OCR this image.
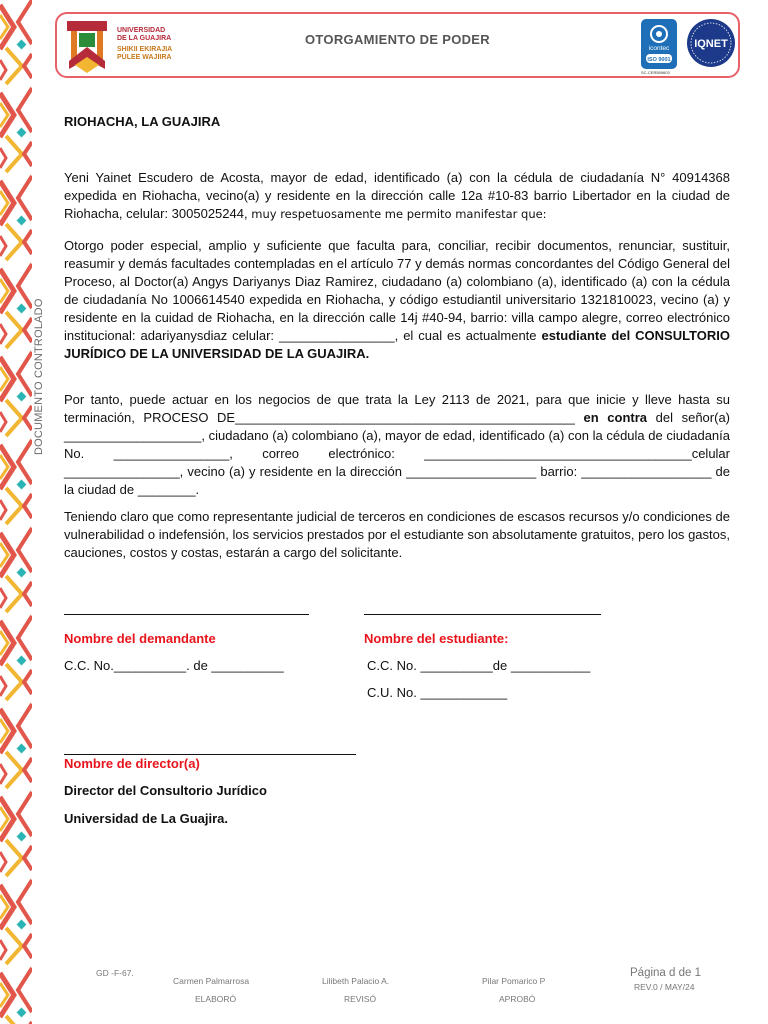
DOCUMENTO CONTROLADO
UNIVERSIDAD
DE LA GUAJIRA
SHIKII EKIRAJIA
PÜLEE WAJIIRA
OTORGAMIENTO DE PODER
icontec
ISO 9001
IQNET
SC-CER559603
RIOHACHA, LA GUAJIRA
Yeni Yainet Escudero de Acosta, mayor de edad, identificado (a) con la cédula de ciudadanía N° 40914368 expedida en Riohacha, vecino(a) y residente en la dirección calle 12a #10-83 barrio Libertador en la ciudad de Riohacha, celular: 3005025244, muy respetuosamente me permito manifestar que:
Otorgo poder especial, amplio y suficiente que faculta para, conciliar, recibir documentos, renunciar, sustituir, reasumir y demás facultades contempladas en el artículo 77 y demás normas concordantes del Código General del Proceso, al Doctor(a) Angys Dariyanys Diaz Ramirez, ciudadano (a) colombiano (a), identificado (a) con la cédula de ciudadanía No 1006614540 expedida en Riohacha, y código estudiantil universitario 1321810023, vecino (a) y residente en la cuidad de Riohacha, en la dirección calle 14j #40-94, barrio: villa campo alegre, correo electrónico institucional: adariyanysdiaz celular: ________________, el cual es actualmente estudiante del CONSULTORIO JURÍDICO DE LA UNIVERSIDAD DE LA GUAJIRA.
Por tanto, puede actuar en los negocios de que trata la Ley 2113 de 2021, para que inicie y lleve hasta su terminación, PROCESO DE_______________________________________________ en contra del señor(a) ___________________, ciudadano (a) colombiano (a), mayor de edad, identificado (a) con la cédula de ciudadanía No. ________________, correo electrónico: _____________________________________celular ________________, vecino (a) y residente en la dirección __________________ barrio: __________________ de la ciudad de ________.
Teniendo claro que como representante judicial de terceros en condiciones de escasos recursos y/o condiciones de vulnerabilidad o indefensión, los servicios prestados por el estudiante son absolutamente gratuitos, pero los gastos, cauciones, costos y costas, estarán a cargo del solicitante.
Nombre del demandante	Nombre del estudiante:
C.C. No.__________. de __________	C.C. No. __________de ___________
C.U. No. ____________
Nombre de director(a)
Director del Consultorio Jurídico
Universidad de La Guajira.
GD -F-67.
Carmen Palmarrosa
ELABORÓ
Lilibeth Palacio A.
REVISÓ
Pilar Pomarico P
APROBÓ
Página d de 1
REV.0 / MAY/24
